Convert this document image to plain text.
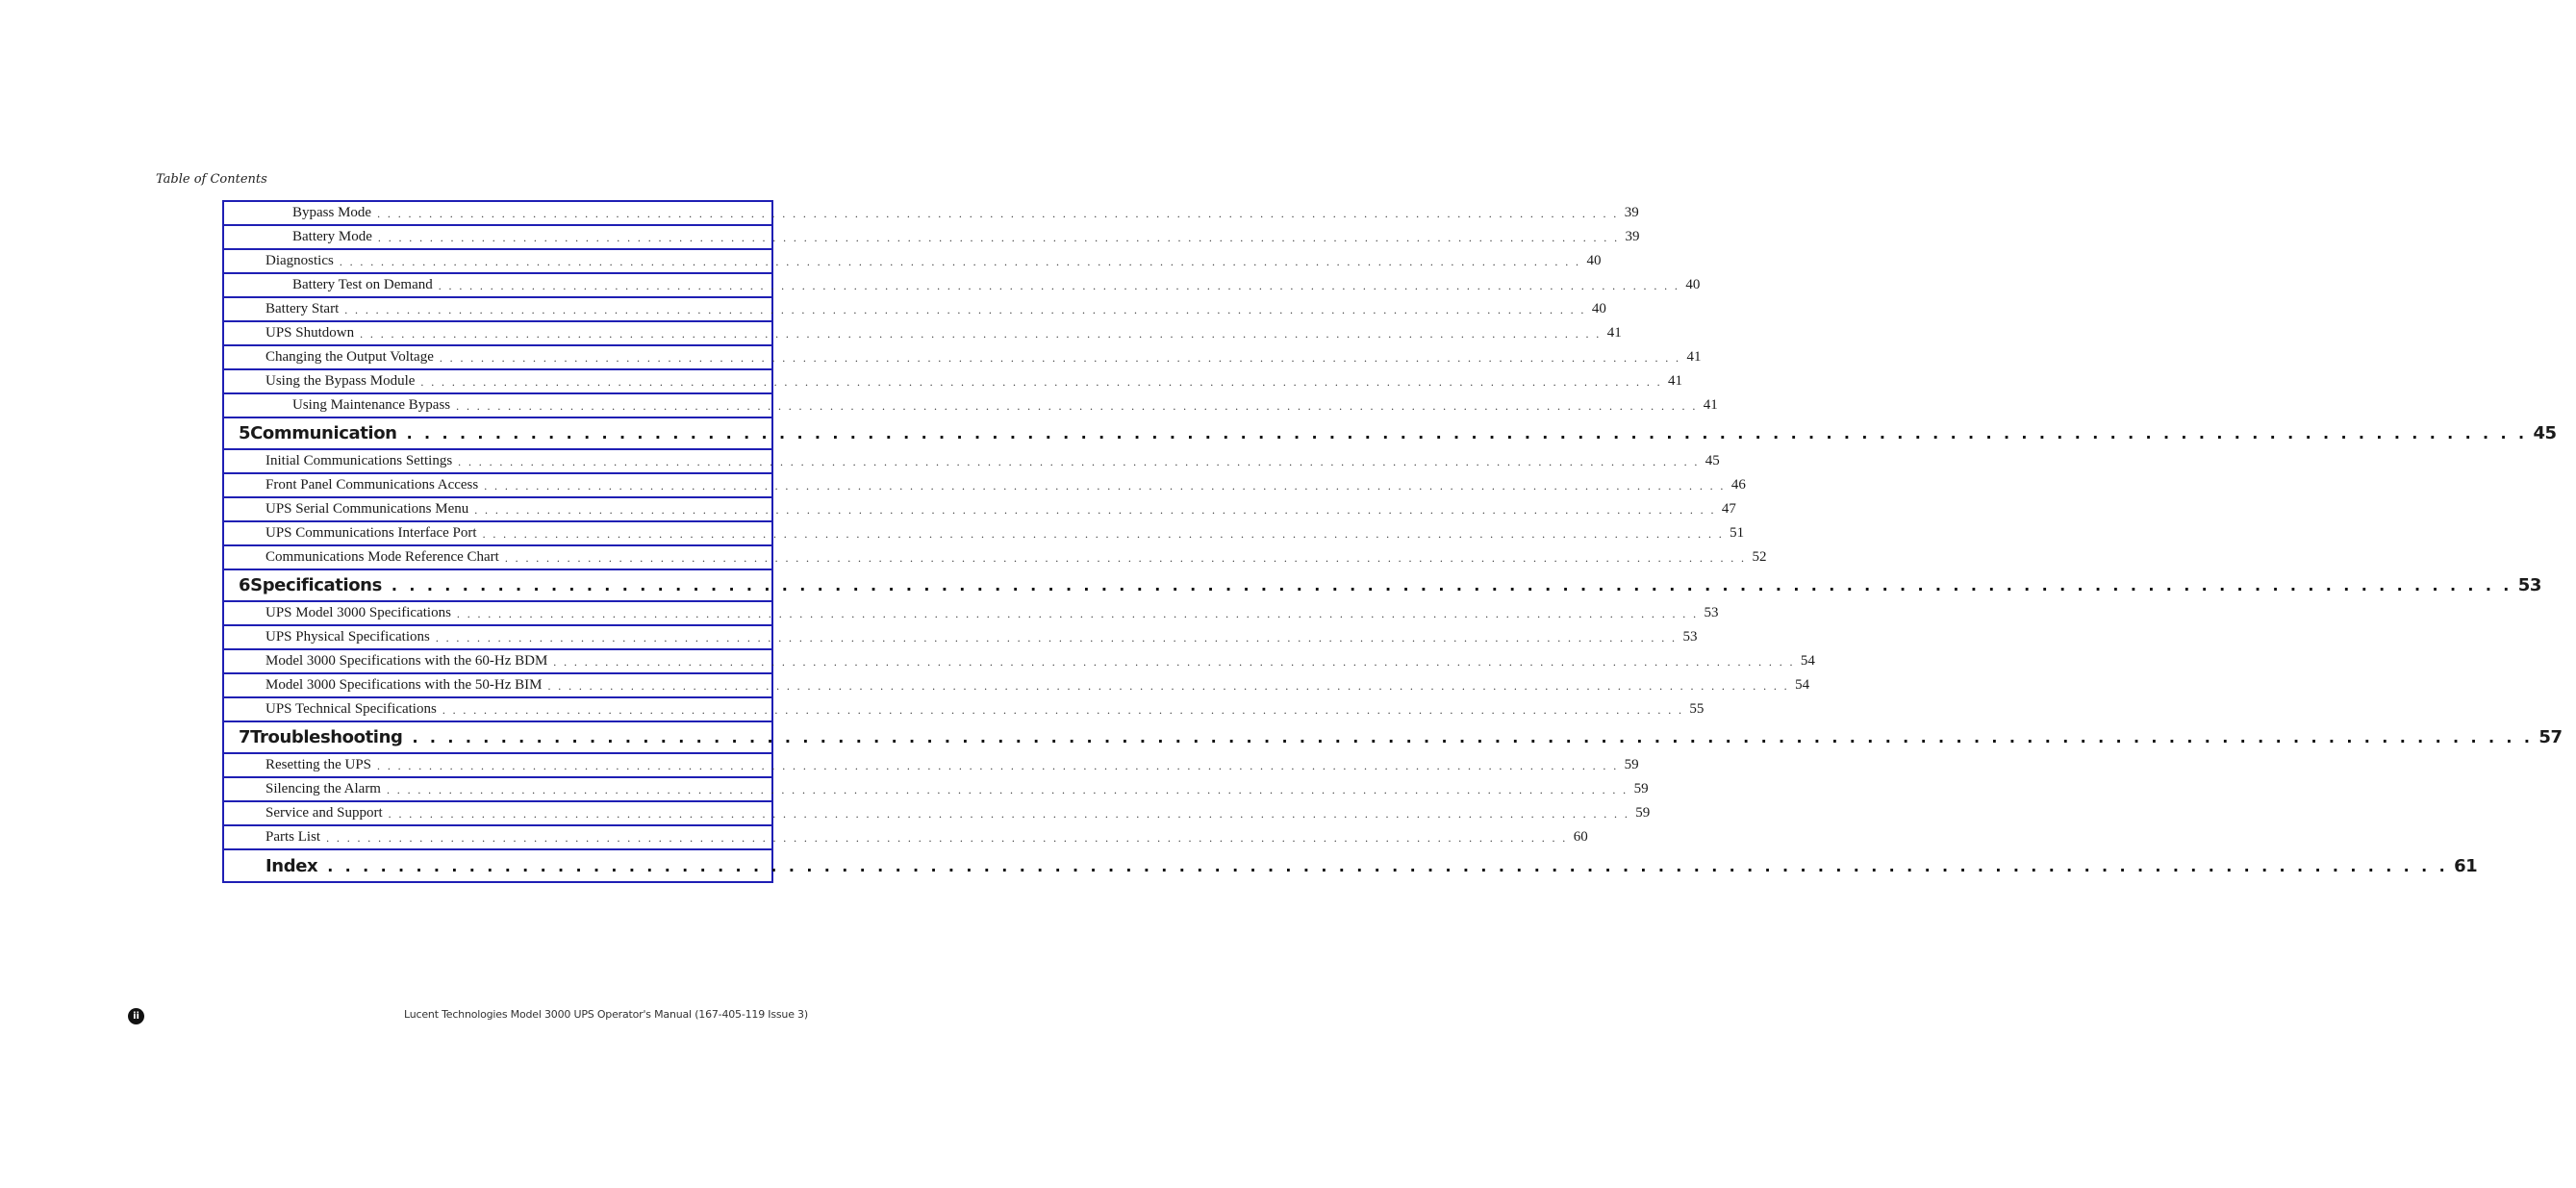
Table of Contents
Bypass Mode . . . . . . . . . . . . . . . . . . . . . . . . . . . . . . . . . . . . . . . . . . . . . . . . . . . . . . . . . . . . . . . . . . . . . . . . . . . . . . . . . . . . . . . . . . . . . . . . . . . . . . . . . . . . . . . . . . . . . . . . 39
Battery Mode . . . . . . . . . . . . . . . . . . . . . . . . . . . . . . . . . . . . . . . . . . . . . . . . . . . . . . . . . . . . . . . . . . . . . . . . . . . . . . . . . . . . . . . . . . . . . . . . . . . . . . . . . . . . . . . . . . . . . . . . 39
Diagnostics . . . . . . . . . . . . . . . . . . . . . . . . . . . . . . . . . . . . . . . . . . . . . . . . . . . . . . . . . . . . . . . . . . . . . . . . . . . . . . . . . . . . . . . . . . . . . . . . . . . . . . . . . . . . . . . . . . . . . . . . 40
Battery Test on Demand . . . . . . . . . . . . . . . . . . . . . . . . . . . . . . . . . . . . . . . . . . . . . . . . . . . . . . . . . . . . . . . . . . . . . . . . . . . . . . . . . . . . . . . . . . . . . . . . . . . . . . . . . . . . . . . . . . . . . . . . 40
Battery Start . . . . . . . . . . . . . . . . . . . . . . . . . . . . . . . . . . . . . . . . . . . . . . . . . . . . . . . . . . . . . . . . . . . . . . . . . . . . . . . . . . . . . . . . . . . . . . . . . . . . . . . . . . . . . . . . . . . . . . . . 40
UPS Shutdown . . . . . . . . . . . . . . . . . . . . . . . . . . . . . . . . . . . . . . . . . . . . . . . . . . . . . . . . . . . . . . . . . . . . . . . . . . . . . . . . . . . . . . . . . . . . . . . . . . . . . . . . . . . . . . . . . . . . . . . . 41
Changing the Output Voltage . . . . . . . . . . . . . . . . . . . . . . . . . . . . . . . . . . . . . . . . . . . . . . . . . . . . . . . . . . . . . . . . . . . . . . . . . . . . . . . . . . . . . . . . . . . . . . . . . . . . . . . . . . . . . . . . . . . . . . . . 41
Using the Bypass Module . . . . . . . . . . . . . . . . . . . . . . . . . . . . . . . . . . . . . . . . . . . . . . . . . . . . . . . . . . . . . . . . . . . . . . . . . . . . . . . . . . . . . . . . . . . . . . . . . . . . . . . . . . . . . . . . . . . . . . . . 41
Using Maintenance Bypass . . . . . . . . . . . . . . . . . . . . . . . . . . . . . . . . . . . . . . . . . . . . . . . . . . . . . . . . . . . . . . . . . . . . . . . . . . . . . . . . . . . . . . . . . . . . . . . . . . . . . . . . . . . . . . . . . . . . . . . . 41
5 Communication . . . . . . . . . . . . . . . . . . . . . . . . . . . . . . . . . . . . . . . . . . . . . . . . . . . . . . . . . . . . . . . . . . . . . . . . . . . . . . . . . . . . . . . . . . . . . . . . . . . . . . . . . . . . . . . . . . . . . . . . 45
Initial Communications Settings . . . . . . . . . . . . . . . . . . . . . . . . . . . . . . . . . . . . . . . . . . . . . . . . . . . . . . . . . . . . . . . . . . . . . . . . . . . . . . . . . . . . . . . . . . . . . . . . . . . . . . . . . . . . . . . . . . . . . . . . 45
Front Panel Communications Access . . . . . . . . . . . . . . . . . . . . . . . . . . . . . . . . . . . . . . . . . . . . . . . . . . . . . . . . . . . . . . . . . . . . . . . . . . . . . . . . . . . . . . . . . . . . . . . . . . . . . . . . . . . . . . . . . . . . . . . . 46
UPS Serial Communications Menu . . . . . . . . . . . . . . . . . . . . . . . . . . . . . . . . . . . . . . . . . . . . . . . . . . . . . . . . . . . . . . . . . . . . . . . . . . . . . . . . . . . . . . . . . . . . . . . . . . . . . . . . . . . . . . . . . . . . . . . . 47
UPS Communications Interface Port . . . . . . . . . . . . . . . . . . . . . . . . . . . . . . . . . . . . . . . . . . . . . . . . . . . . . . . . . . . . . . . . . . . . . . . . . . . . . . . . . . . . . . . . . . . . . . . . . . . . . . . . . . . . . . . . . . . . . . . . 51
Communications Mode Reference Chart . . . . . . . . . . . . . . . . . . . . . . . . . . . . . . . . . . . . . . . . . . . . . . . . . . . . . . . . . . . . . . . . . . . . . . . . . . . . . . . . . . . . . . . . . . . . . . . . . . . . . . . . . . . . . . . . . . . . . . . . 52
6 Specifications . . . . . . . . . . . . . . . . . . . . . . . . . . . . . . . . . . . . . . . . . . . . . . . . . . . . . . . . . . . . . . . . . . . . . . . . . . . . . . . . . . . . . . . . . . . . . . . . . . . . . . . . . . . . . . . . . . . . . . . . 53
UPS Model 3000 Specifications . . . . . . . . . . . . . . . . . . . . . . . . . . . . . . . . . . . . . . . . . . . . . . . . . . . . . . . . . . . . . . . . . . . . . . . . . . . . . . . . . . . . . . . . . . . . . . . . . . . . . . . . . . . . . . . . . . . . . . . . 53
UPS Physical Specifications . . . . . . . . . . . . . . . . . . . . . . . . . . . . . . . . . . . . . . . . . . . . . . . . . . . . . . . . . . . . . . . . . . . . . . . . . . . . . . . . . . . . . . . . . . . . . . . . . . . . . . . . . . . . . . . . . . . . . . . . 53
Model 3000 Specifications with the 60-Hz BDM . . . . . . . . . . . . . . . . . . . . . . . . . . . . . . . . . . . . . . . . . . . . . . . . . . . . . . . . . . . . . . . . . . . . . . . . . . . . . . . . . . . . . . . . . . . . . . . . . . . . . . . . . . . . . . . . . . . . . . . . 54
Model 3000 Specifications with the 50-Hz BIM . . . . . . . . . . . . . . . . . . . . . . . . . . . . . . . . . . . . . . . . . . . . . . . . . . . . . . . . . . . . . . . . . . . . . . . . . . . . . . . . . . . . . . . . . . . . . . . . . . . . . . . . . . . . . . . . . . . . . . . . 54
UPS Technical Specifications . . . . . . . . . . . . . . . . . . . . . . . . . . . . . . . . . . . . . . . . . . . . . . . . . . . . . . . . . . . . . . . . . . . . . . . . . . . . . . . . . . . . . . . . . . . . . . . . . . . . . . . . . . . . . . . . . . . . . . . . 55
7 Troubleshooting . . . . . . . . . . . . . . . . . . . . . . . . . . . . . . . . . . . . . . . . . . . . . . . . . . . . . . . . . . . . . . . . . . . . . . . . . . . . . . . . . . . . . . . . . . . . . . . . . . . . . . . . . . . . . . . . . . . . . . . . 57
Resetting the UPS . . . . . . . . . . . . . . . . . . . . . . . . . . . . . . . . . . . . . . . . . . . . . . . . . . . . . . . . . . . . . . . . . . . . . . . . . . . . . . . . . . . . . . . . . . . . . . . . . . . . . . . . . . . . . . . . . . . . . . . . 59
Silencing the Alarm . . . . . . . . . . . . . . . . . . . . . . . . . . . . . . . . . . . . . . . . . . . . . . . . . . . . . . . . . . . . . . . . . . . . . . . . . . . . . . . . . . . . . . . . . . . . . . . . . . . . . . . . . . . . . . . . . . . . . . . . 59
Service and Support . . . . . . . . . . . . . . . . . . . . . . . . . . . . . . . . . . . . . . . . . . . . . . . . . . . . . . . . . . . . . . . . . . . . . . . . . . . . . . . . . . . . . . . . . . . . . . . . . . . . . . . . . . . . . . . . . . . . . . . . 59
Parts List . . . . . . . . . . . . . . . . . . . . . . . . . . . . . . . . . . . . . . . . . . . . . . . . . . . . . . . . . . . . . . . . . . . . . . . . . . . . . . . . . . . . . . . . . . . . . . . . . . . . . . . . . . . . . . . . . . . . . . . . 60
Index . . . . . . . . . . . . . . . . . . . . . . . . . . . . . . . . . . . . . . . . . . . . . . . . . . . . . . . . . . . . . . . . . . . . . . . . . . . . . . . . . . . . . . . . . . . . . . . . . . . . . . . . . . . . . . . . . . . . . . . . 61
ii	Lucent Technologies Model 3000 UPS Operator's Manual (167-405-119 Issue 3)
